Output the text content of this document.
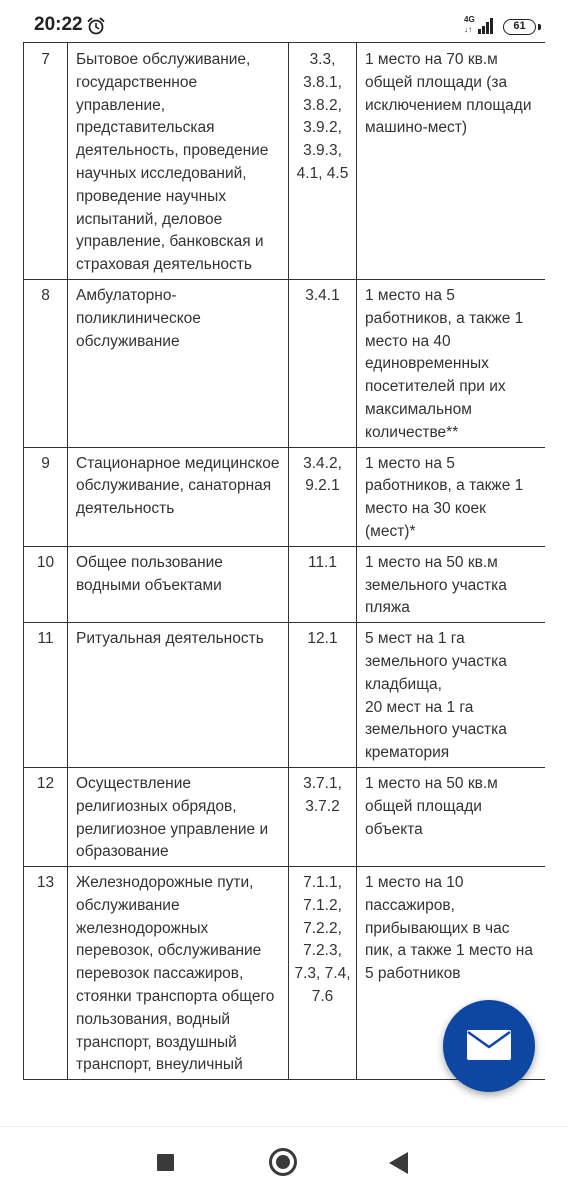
20:22	4G
↓↑	61
7	Бытовое обслуживание, государственное управление, представительская деятельность, проведение научных исследований, проведение научных испытаний, деловое управление, банковская и страховая деятельность	3.3, 3.8.1, 3.8.2, 3.9.2, 3.9.3, 4.1, 4.5	1 место на 70 кв.м общей площади (за исключением площади машино-мест)
8	Амбулаторно-поликлиническое обслуживание	3.4.1	1 место на 5 работников, а также 1 место на 40 единовременных посетителей при их максимальном количестве**
9	Стационарное медицинское обслуживание, санаторная деятельность	3.4.2, 9.2.1	1 место на 5 работников, а также 1 место на 30 коек (мест)*
10	Общее пользование водными объектами	11.1	1 место на 50 кв.м земельного участка пляжа
11	Ритуальная деятельность	12.1	5 мест на 1 га земельного участка кладбища,
20 мест на 1 га земельного участка крематория
12	Осуществление религиозных обрядов, религиозное управление и образование	3.7.1, 3.7.2	1 место на 50 кв.м общей площади объекта
13	Железнодорожные пути, обслуживание железнодорожных перевозок, обслуживание перевозок пассажиров, стоянки транспорта общего пользования, водный транспорт, воздушный транспорт, внеуличный	7.1.1, 7.1.2, 7.2.2, 7.2.3, 7.3, 7.4, 7.6	1 место на 10 пассажиров, прибывающих в час пик, а также 1 место на 5 работников
